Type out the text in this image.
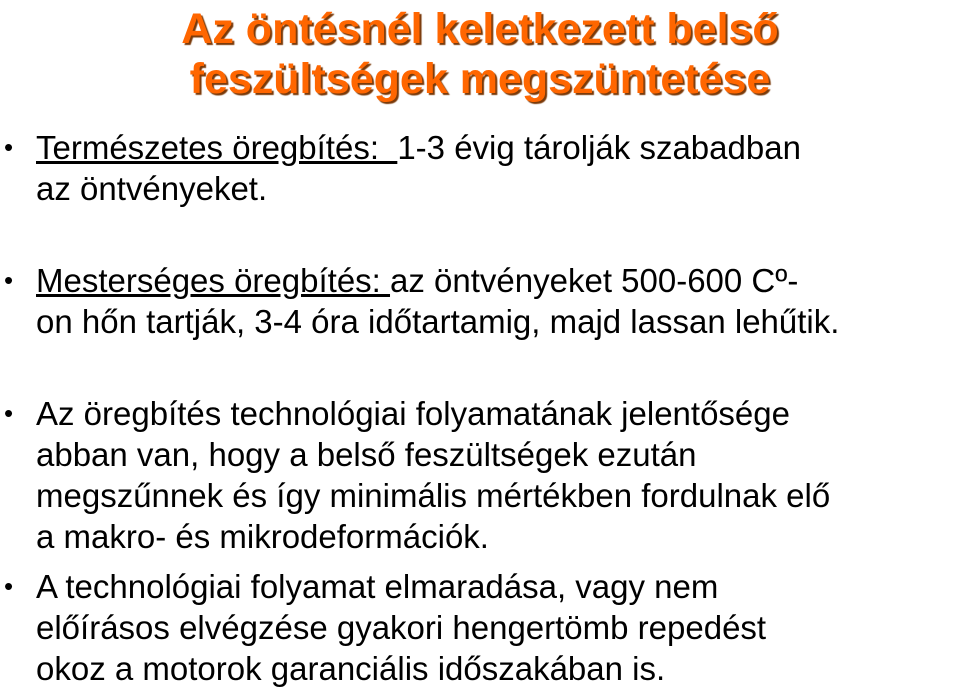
Az öntésnél keletkezett belső
feszültségek megszüntetése
• Természetes öregbítés:  1-3 évig tárolják szabadban
az öntvényeket.
• Mesterséges öregbítés: az öntvényeket 500-600 Cº-
on hőn tartják, 3-4 óra időtartamig, majd lassan lehűtik.
• Az öregbítés technológiai folyamatának jelentősége
abban van, hogy a belső feszültségek ezután
megszűnnek és így minimális mértékben fordulnak elő
a makro- és mikrodeformációk.
• A technológiai folyamat elmaradása, vagy nem
előírásos elvégzése gyakori hengertömb repedést
okoz a motorok garanciális időszakában is.
